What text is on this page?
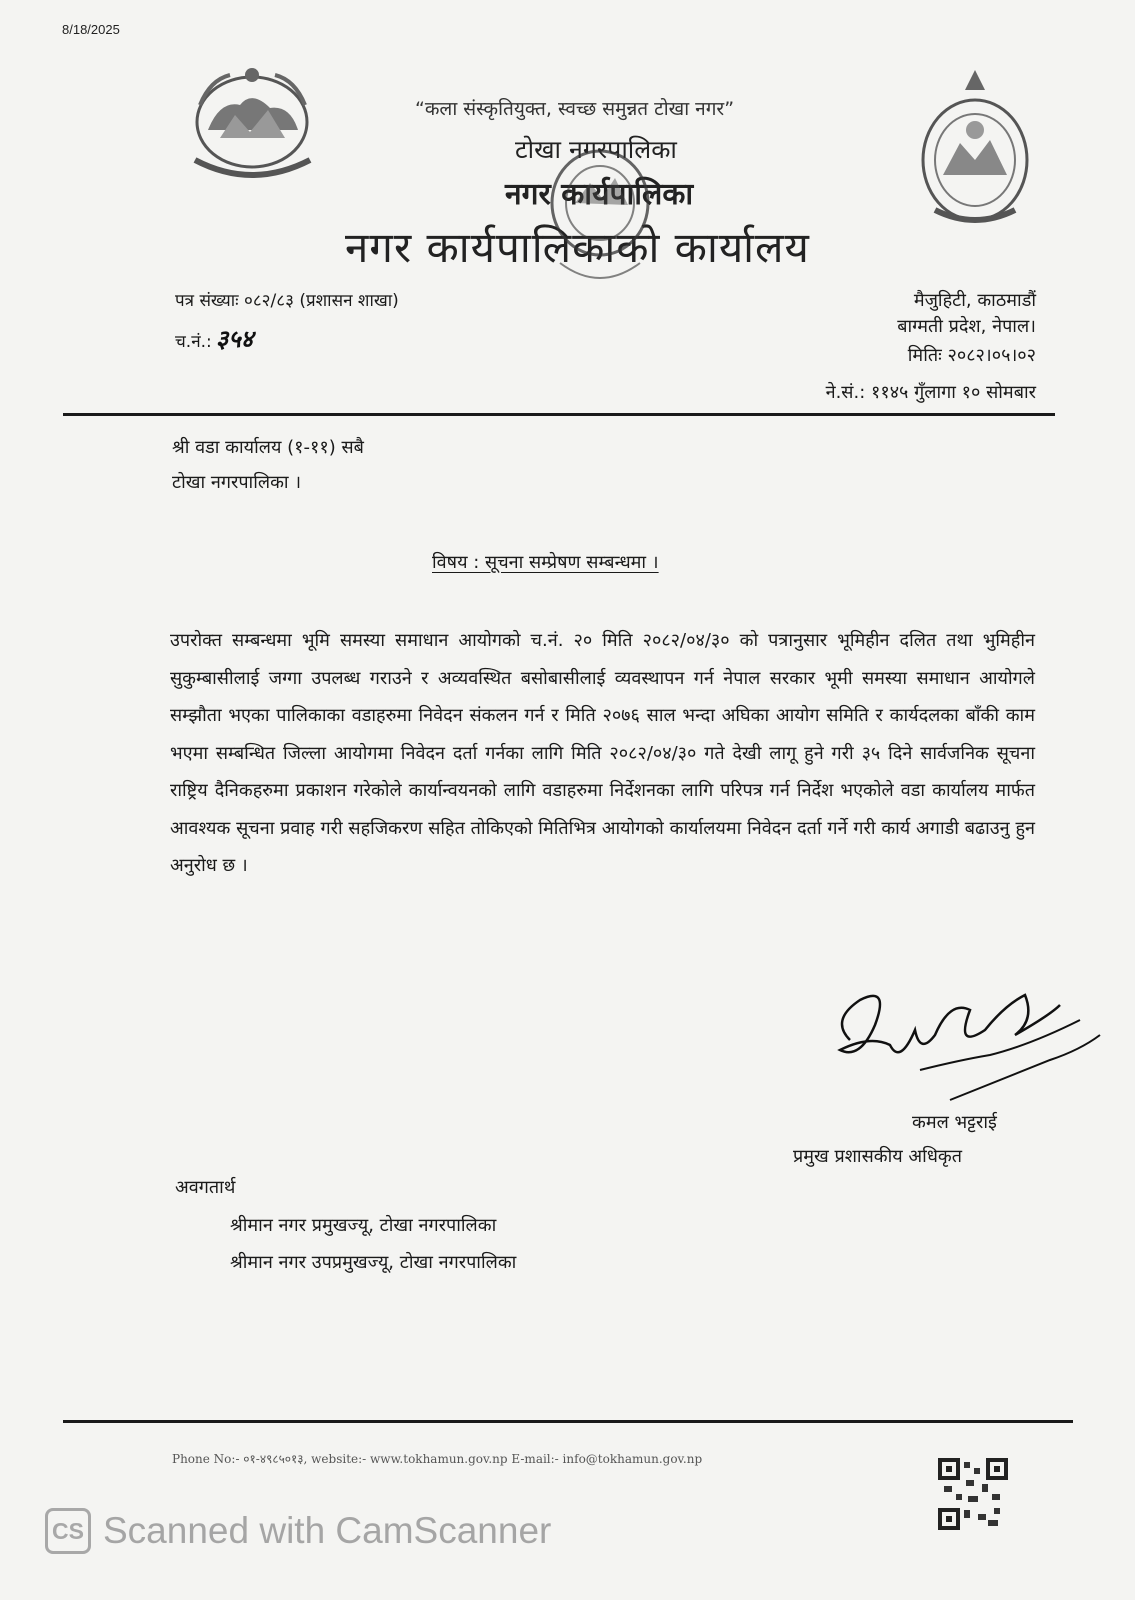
8/18/2025
“कला संस्कृतियुक्त, स्वच्छ समुन्नत टोखा नगर”
टोखा नगरपालिका
नगर कार्यपालिका
नगर कार्यपालिकाको कार्यालय
पत्र संख्याः ०८२/८३ (प्रशासन शाखा)
च.नं.: ३५४
मैजुहिटी, काठमाडौं
बाग्मती प्रदेश, नेपाल।
मितिः २०८२।०५।०२
ने.सं.: ११४५ गुँलागा १० सोमबार
श्री वडा कार्यालय (१-११) सबै
टोखा नगरपालिका ।
विषय : सूचना सम्प्रेषण सम्बन्धमा ।

उपरोक्त सम्बन्धमा भूमि समस्या समाधान आयोगको च.नं. २० मिति २०८२/०४/३० को पत्रानुसार भूमिहीन दलित तथा भुमिहीन सुकुम्बासीलाई जग्गा उपलब्ध गराउने र अव्यवस्थित बसोबासीलाई व्यवस्थापन गर्न नेपाल सरकार भूमी समस्या समाधान आयोगले सम्झौता भएका पालिकाका वडाहरुमा निवेदन संकलन गर्न र मिति २०७६ साल भन्दा अघिका आयोग समिति र कार्यदलका बाँकी काम भएमा सम्बन्धित जिल्ला आयोगमा निवेदन दर्ता गर्नका लागि मिति २०८२/०४/३० गते देखी लागू हुने गरी ३५ दिने सार्वजनिक सूचना राष्ट्रिय दैनिकहरुमा प्रकाशन गरेकोले कार्यान्वयनको लागि वडाहरुमा निर्देशनका लागि परिपत्र गर्न निर्देश भएकोले वडा कार्यालय मार्फत आवश्यक सूचना प्रवाह गरी सहजिकरण सहित तोकिएको मितिभित्र आयोगको कार्यालयमा निवेदन दर्ता गर्ने गरी कार्य अगाडी बढाउनु हुन अनुरोध छ ।

कमल भट्टराई
प्रमुख प्रशासकीय अधिकृत
अवगतार्थ
श्रीमान नगर प्रमुखज्यू, टोखा नगरपालिका
श्रीमान नगर उपप्रमुखज्यू, टोखा नगरपालिका
Phone No:- ०१-४९८५०१३, website:- www.tokhamun.gov.np E-mail:- info@tokhamun.gov.np
CS Scanned with CamScanner
